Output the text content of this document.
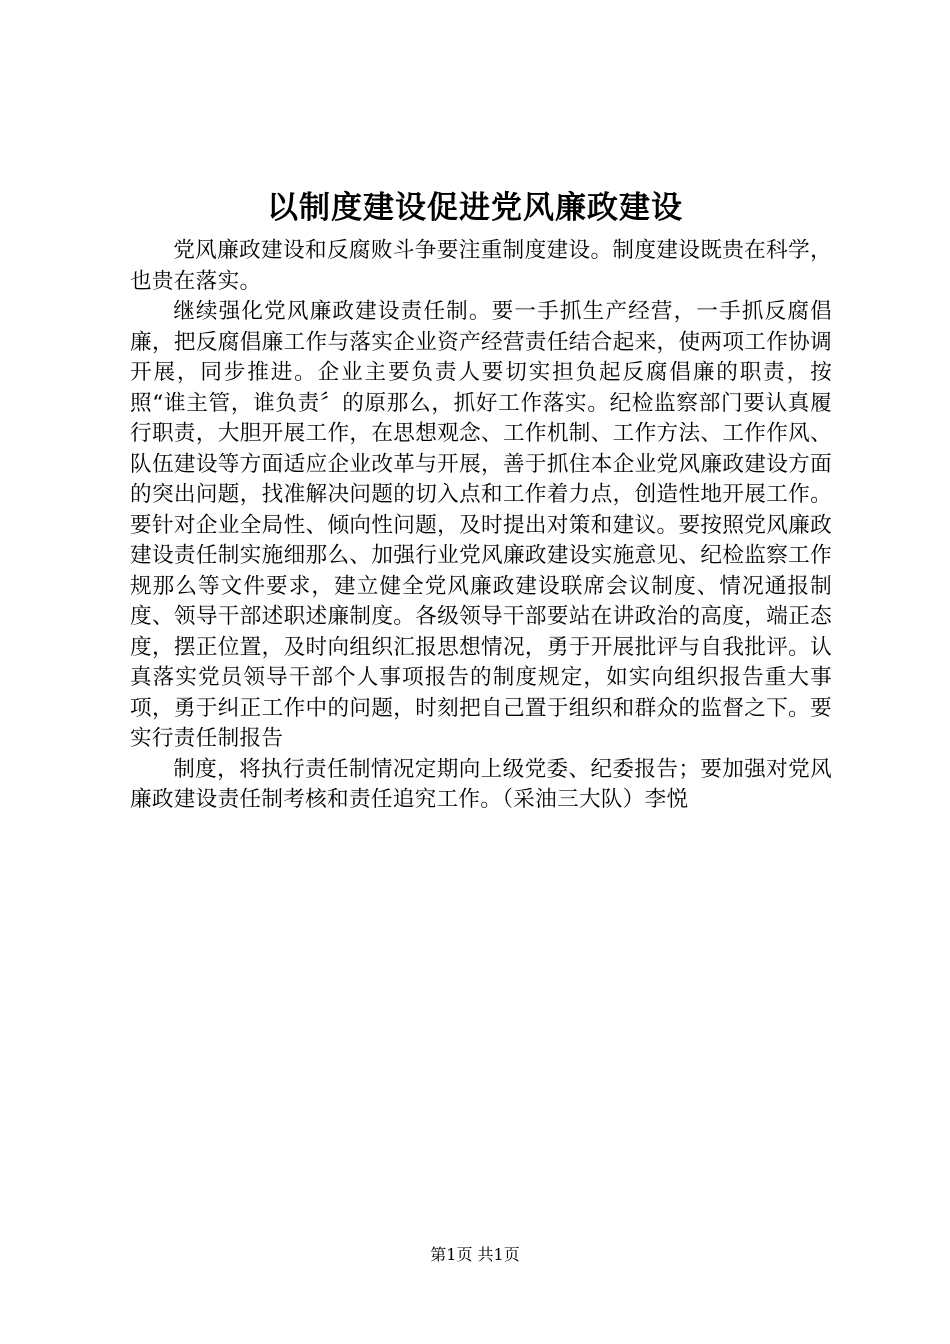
以制度建设促进党风廉政建设

党风廉政建设和反腐败斗争要注重制度建设。制度建设既贵在科学，也贵在落实。

继续强化党风廉政建设责任制。要一手抓生产经营，一手抓反腐倡廉，把反腐倡廉工作与落实企业资产经营责任结合起来，使两项工作协调开展，同步推进。企业主要负责人要切实担负起反腐倡廉的职责，按照“谁主管，谁负责〞的原那么，抓好工作落实。纪检监察部门要认真履行职责，大胆开展工作，在思想观念、工作机制、工作方法、工作作风、队伍建设等方面适应企业改革与开展，善于抓住本企业党风廉政建设方面的突出问题，找准解决问题的切入点和工作着力点，创造性地开展工作。要针对企业全局性、倾向性问题，及时提出对策和建议。要按照党风廉政建设责任制实施细那么、加强行业党风廉政建设实施意见、纪检监察工作规那么等文件要求，建立健全党风廉政建设联席会议制度、情况通报制度、领导干部述职述廉制度。各级领导干部要站在讲政治的高度，端正态度，摆正位置，及时向组织汇报思想情况，勇于开展批评与自我批评。认真落实党员领导干部个人事项报告的制度规定，如实向组织报告重大事项，勇于纠正工作中的问题，时刻把自己置于组织和群众的监督之下。要实行责任制报告

制度，将执行责任制情况定期向上级党委、纪委报告；要加强对党风廉政建设责任制考核和责任追究工作。（采油三大队）李悦

第1页 共1页
